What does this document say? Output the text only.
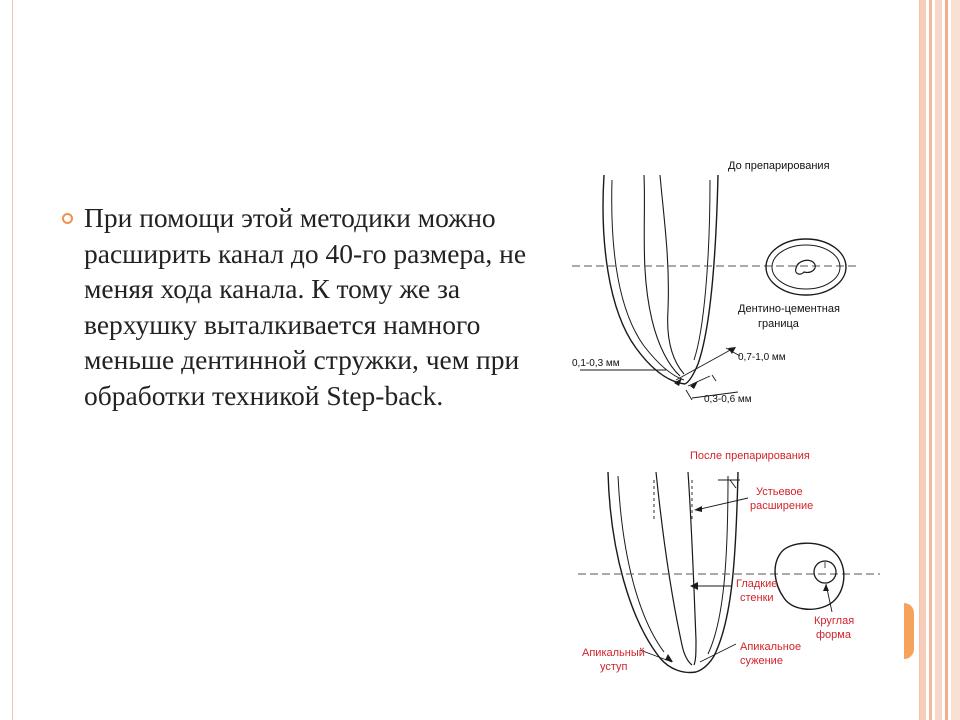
При помощи этой методики можно расширить канал до 40-го размера, не меняя хода канала. К тому же за верхушку выталкивается намного меньше дентинной стружки, чем при обработки техникой Step-back.

До препарирования
Дентино-цементная
граница
0,1-0,3 мм
0,7-1,0 мм
0,3-0,6 мм
После препарирования
Устьевое
расширение
Гладкие
стенки
Круглая
форма
Апикальный
уступ
Апикальное
сужение
